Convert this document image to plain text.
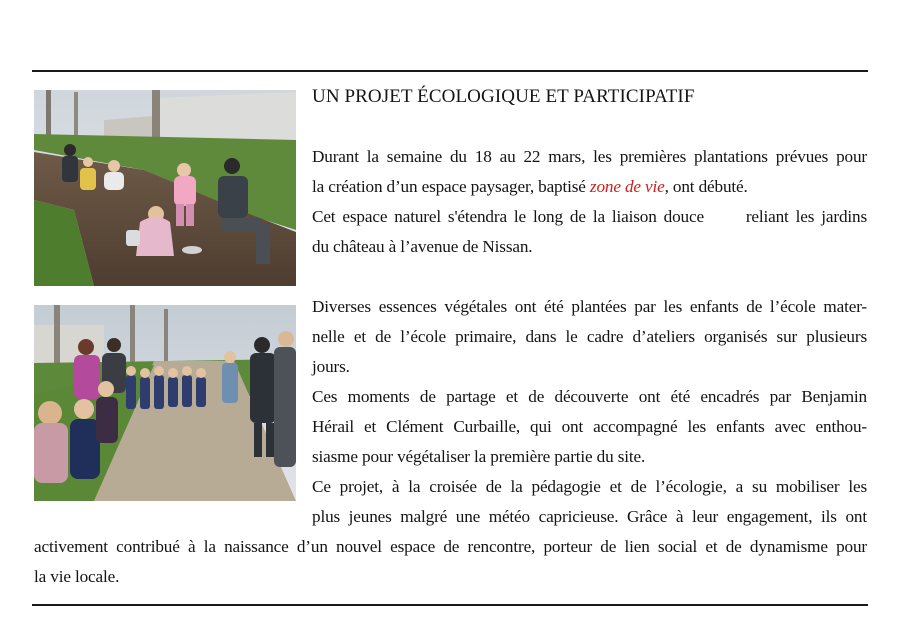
UN PROJET ÉCOLOGIQUE ET PARTICIPATIF
Durant la semaine du 18 au 22 mars, les premières plantations prévues pour
la création d’un espace paysager, baptisé zone de vie, ont débuté.
Cet espace naturel s'étendra le long de la liaison douce      reliant les jardins
du château à l’avenue de Nissan.
Diverses essences végétales ont été plantées par les enfants de l’école mater-
nelle et de l’école primaire, dans le cadre d’ateliers organisés sur plusieurs
jours.
Ces moments de partage et de découverte ont été encadrés par Benjamin
Hérail et Clément Curbaille, qui ont accompagné les enfants avec enthou-
siasme pour végétaliser la première partie du site.
Ce projet, à la croisée de la pédagogie et de l’écologie, a su mobiliser les
plus jeunes malgré une météo capricieuse. Grâce à leur engagement, ils ont
activement contribué à la naissance d’un nouvel espace de rencontre, porteur de lien social et de dynamisme pour
la vie locale.
